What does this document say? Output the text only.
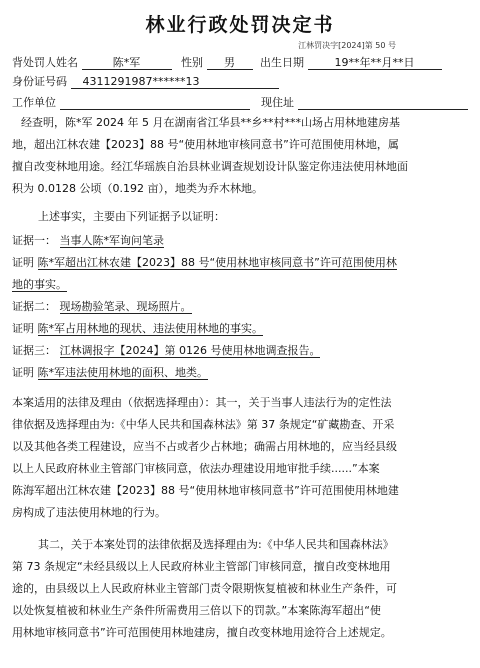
林业行政处罚决定书
江林罚决字[2024]第 50 号
背处罚人姓名	陈*军	性别 男 出生日期	19**年**月**日
身份证号码 4311291987******13
工作单位	现住址
经查明，陈*军 2024 年 5 月在湖南省江华县**乡**村***山场占用林地建房基
地，超出江林农建【2023】88 号“使用林地审核同意书”许可范围使用林地，属
擅自改变林地用途。经江华瑶族自治县林业调查规划设计队鉴定你违法使用林地面
积为 0.0128 公顷（0.192 亩），地类为乔木林地。
上述事实，主要由下列证据予以证明：
证据一： 当事人陈*军询问笔录
证明 陈*军超出江林农建【2023】88 号“使用林地审核同意书”许可范围使用林
地的事实。
证据二： 现场勘验笔录、现场照片。
证明 陈*军占用林地的现状、违法使用林地的事实。
证据三： 江林调报字【2024】第 0126 号使用林地调查报告。
证明 陈*军违法使用林地的面积、地类。
本案适用的法律及理由（依据选择理由）：其一，关于当事人违法行为的定性法
律依据及选择理由为:《中华人民共和国森林法》第 37 条规定“矿藏勘查、开采
以及其他各类工程建设，应当不占或者少占林地；确需占用林地的，应当经县级
以上人民政府林业主管部门审核同意，依法办理建设用地审批手续......”本案
陈海军超出江林农建【2023】88 号“使用林地审核同意书”许可范围使用林地建
房构成了违法使用林地的行为。
其二，关于本案处罚的法律依据及选择理由为:《中华人民共和国森林法》
第 73 条规定“未经县级以上人民政府林业主管部门审核同意，擅自改变林地用
途的，由县级以上人民政府林业主管部门责令限期恢复植被和林业生产条件，可
以处恢复植被和林业生产条件所需费用三倍以下的罚款。”本案陈海军超出“使
用林地审核同意书”许可范围使用林地建房，擅自改变林地用途符合上述规定。
